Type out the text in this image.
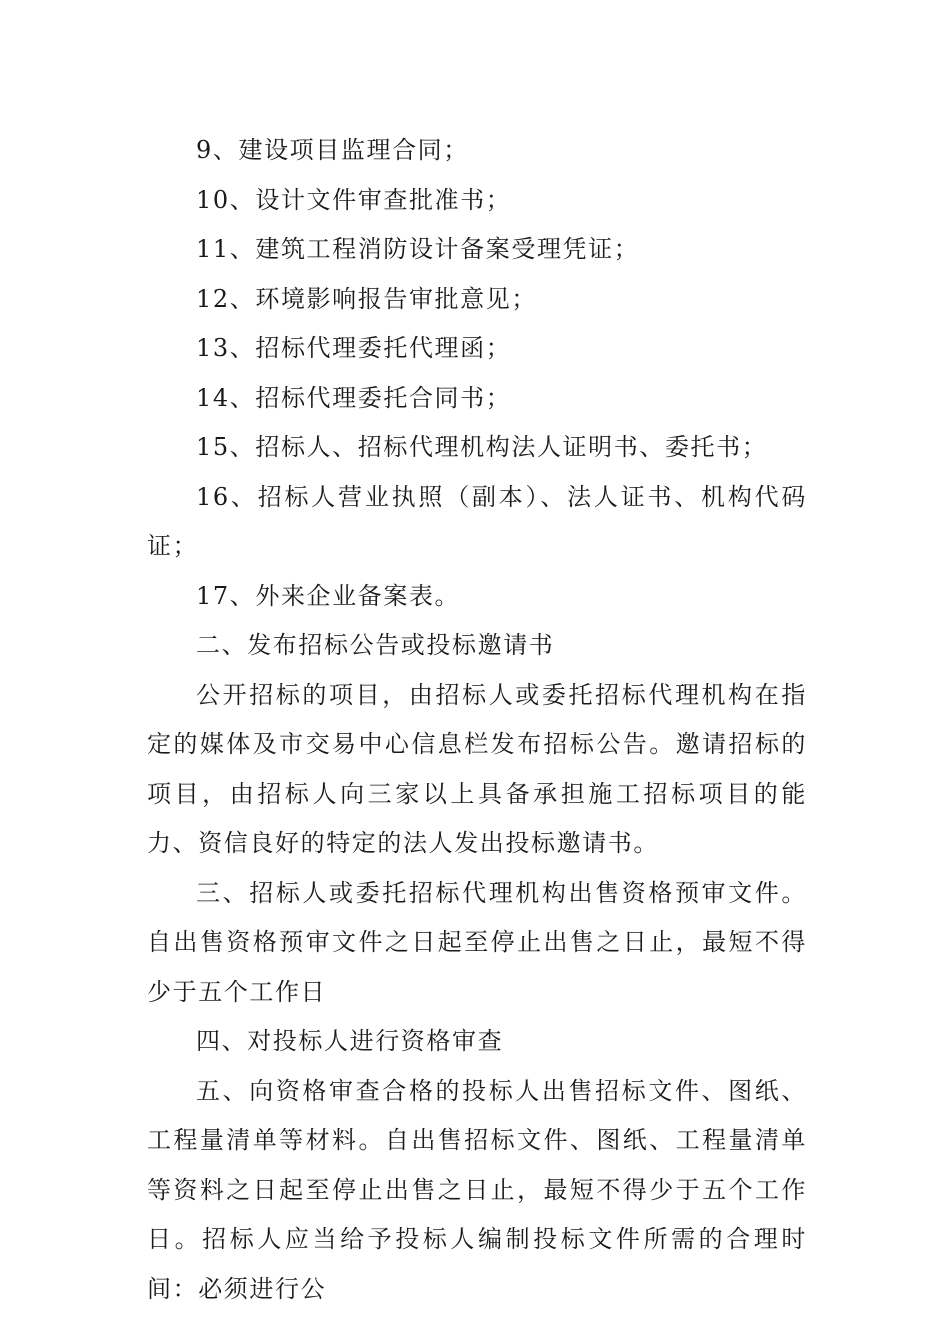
9、建设项目监理合同；

10、设计文件审查批准书；

11、建筑工程消防设计备案受理凭证；

12、环境影响报告审批意见；

13、招标代理委托代理函；

14、招标代理委托合同书；

15、招标人、招标代理机构法人证明书、委托书；

16、招标人营业执照（副本）、法人证书、机构代码证；

17、外来企业备案表。

二、发布招标公告或投标邀请书

公开招标的项目，由招标人或委托招标代理机构在指定的媒体及市交易中心信息栏发布招标公告。邀请招标的项目，由招标人向三家以上具备承担施工招标项目的能力、资信良好的特定的法人发出投标邀请书。

三、招标人或委托招标代理机构出售资格预审文件。自出售资格预审文件之日起至停止出售之日止，最短不得少于五个工作日

四、对投标人进行资格审查

五、向资格审查合格的投标人出售招标文件、图纸、工程量清单等材料。自出售招标文件、图纸、工程量清单等资料之日起至停止出售之日止，最短不得少于五个工作日。招标人应当给予投标人编制投标文件所需的合理时间：必须进行公
